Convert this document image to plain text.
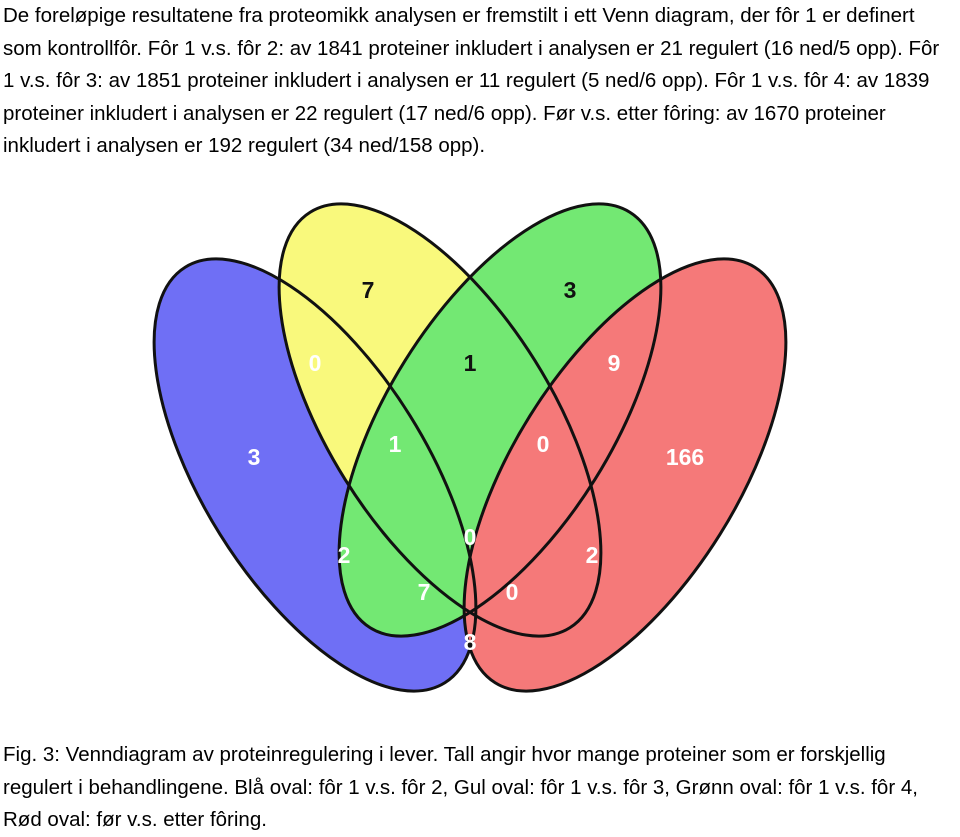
De foreløpige resultatene fra proteomikk analysen er fremstilt i ett Venn diagram, der fôr 1 er definert som kontrollfôr. Fôr 1 v.s. fôr 2: av 1841 proteiner inkludert i analysen er 21 regulert (16 ned/5 opp). Fôr 1 v.s. fôr 3: av 1851 proteiner inkludert i analysen er 11 regulert (5 ned/6 opp). Fôr 1 v.s. fôr 4: av 1839 proteiner inkludert i analysen er 22 regulert (17 ned/6 opp). Før v.s. etter fôring: av 1670 proteiner inkludert i analysen er 192 regulert (34 ned/158 opp).

7	3
3	166
0	1	9
1	0
2
0
2
7	0
8

Fig. 3: Venndiagram av proteinregulering i lever. Tall angir hvor mange proteiner som er forskjellig regulert i behandlingene. Blå oval: fôr 1 v.s. fôr 2, Gul oval: fôr 1 v.s. fôr 3, Grønn oval: fôr 1 v.s. fôr 4, Rød oval: før v.s. etter fôring.
